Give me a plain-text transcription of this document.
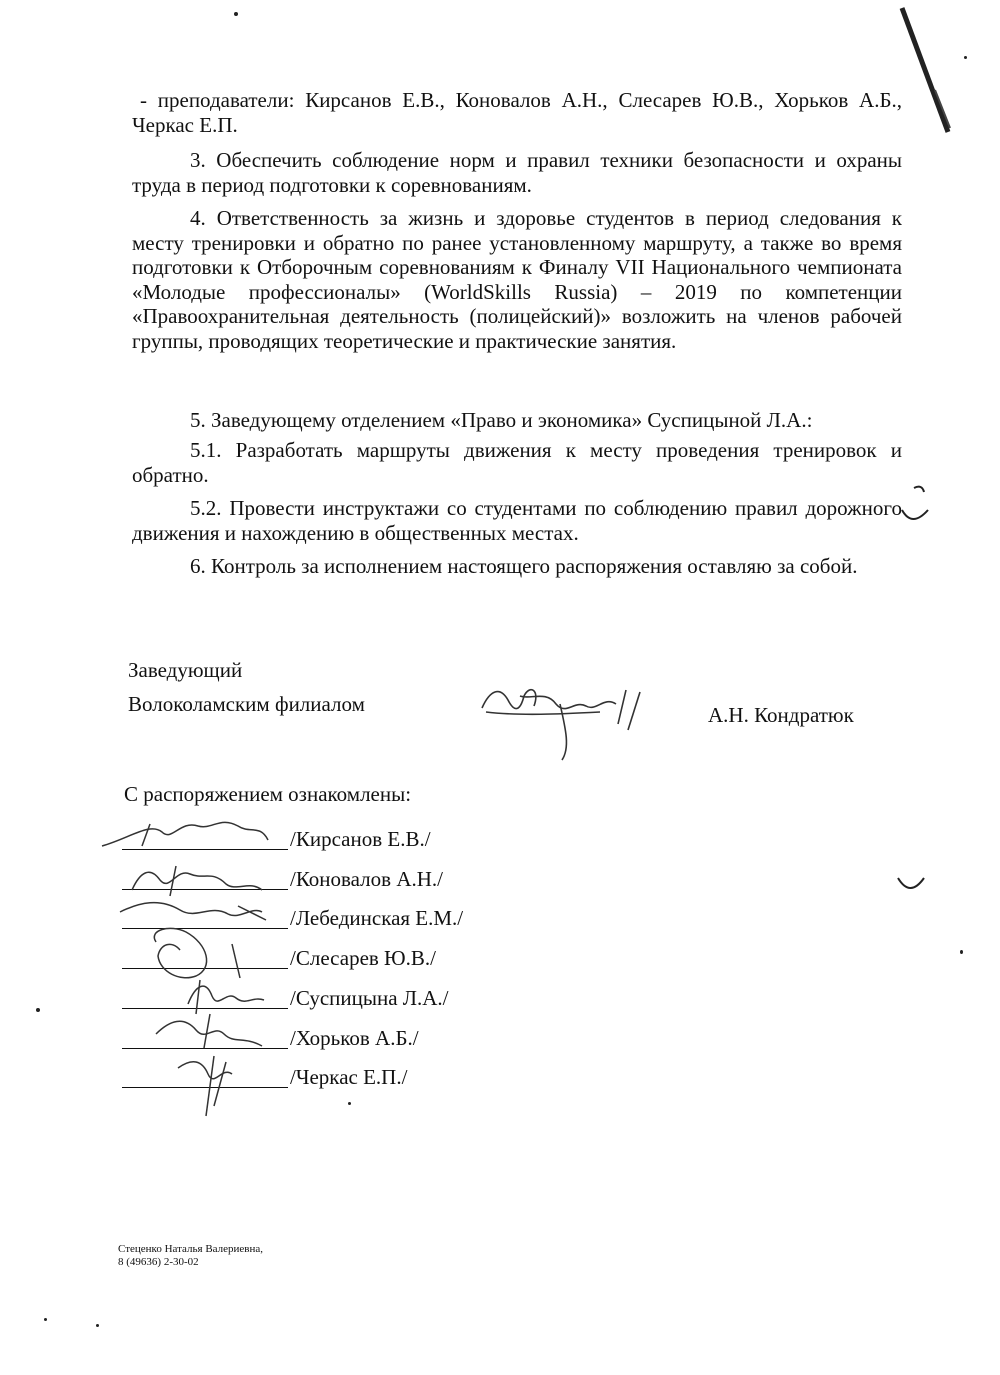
- преподаватели: Кирсанов Е.В., Коновалов А.Н., Слесарев Ю.В., Хорьков А.Б., Черкас Е.П.

3. Обеспечить соблюдение норм и правил техники безопасности и охраны труда в период подготовки к соревнованиям.

4. Ответственность за жизнь и здоровье студентов в период следования к месту тренировки и обратно по ранее установленному маршруту, а также во время подготовки к Отборочным соревнованиям к Финалу VII Национального чемпионата «Молодые профессионалы» (WorldSkills Russia) – 2019 по компетенции «Правоохранительная деятельность (полицейский)» возложить на членов рабочей группы, проводящих теоретические и практические занятия.

5. Заведующему отделением «Право и экономика» Суспицыной Л.А.:

5.1. Разработать маршруты движения к месту проведения тренировок и обратно.

5.2. Провести инструктажи со студентами по соблюдению правил дорожного движения и нахождению в общественных местах.

6. Контроль за исполнением настоящего распоряжения оставляю за собой.

Заведующий
Волоколамским филиалом	А.Н. Кондратюк
С распоряжением ознакомлены:
/Кирсанов Е.В./
/Коновалов А.Н./
/Лебединская Е.М./
/Слесарев Ю.В./
/Суспицына Л.А./
/Хорьков А.Б./
/Черкас Е.П./
Стеценко Наталья Валериевна,
8 (49636) 2-30-02
